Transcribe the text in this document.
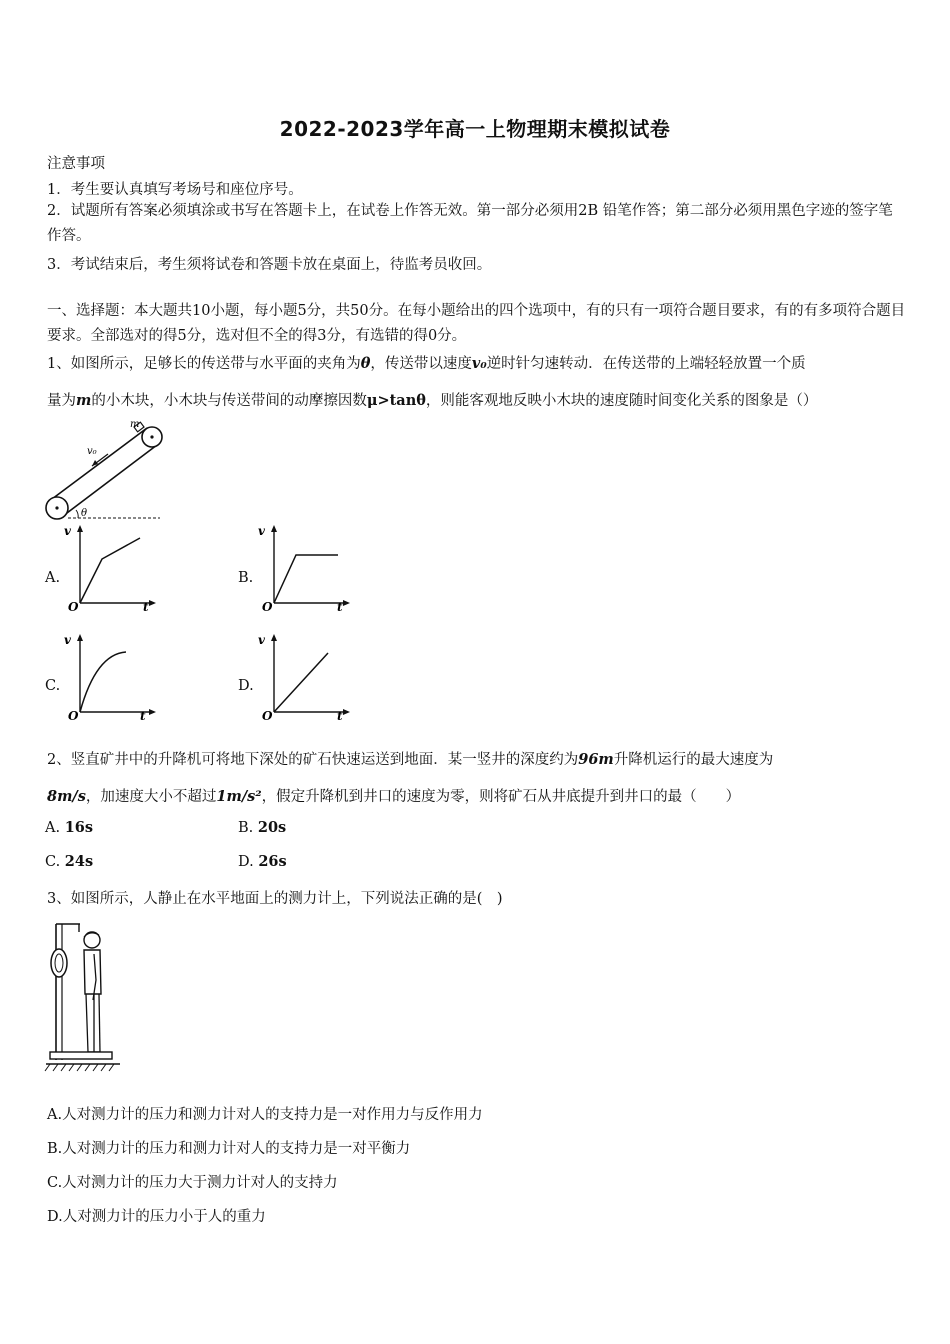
2022-2023学年高一上物理期末模拟试卷
注意事项
1．考生要认真填写考场号和座位序号。
2．试题所有答案必须填涂或书写在答题卡上，在试卷上作答无效。第一部分必须用2B 铅笔作答；第二部分必须用黑色字迹的签字笔作答。
3．考试结束后，考生须将试卷和答题卡放在桌面上，待监考员收回。
一、选择题：本大题共10小题，每小题5分，共50分。在每小题给出的四个选项中，有的只有一项符合题目要求，有的有多项符合题目要求。全部选对的得5分，选对但不全的得3分，有选错的得0分。
1、如图所示，足够长的传送带与水平面的夹角为θ，传送带以速度v₀逆时针匀速转动．在传送带的上端轻轻放置一个质
量为m的小木块，小木块与传送带间的动摩擦因数μ>tanθ，则能客观地反映小木块的速度随时间变化关系的图象是（）
m
v₀
θ
A.
v
O	t
B.
v
O	t
C.
v
O	t
D.
v
O	t
2、竖直矿井中的升降机可将地下深处的矿石快速运送到地面．某一竖井的深度约为96m升降机运行的最大速度为
8m/s，加速度大小不超过1m/s²，假定升降机到井口的速度为零，则将矿石从井底提升到井口的最（　　）
A. 16s	B. 20s
C. 24s	D. 26s
3、如图所示，人静止在水平地面上的测力计上，下列说法正确的是(　)
A.人对测力计的压力和测力计对人的支持力是一对作用力与反作用力
B.人对测力计的压力和测力计对人的支持力是一对平衡力
C.人对测力计的压力大于测力计对人的支持力
D.人对测力计的压力小于人的重力
